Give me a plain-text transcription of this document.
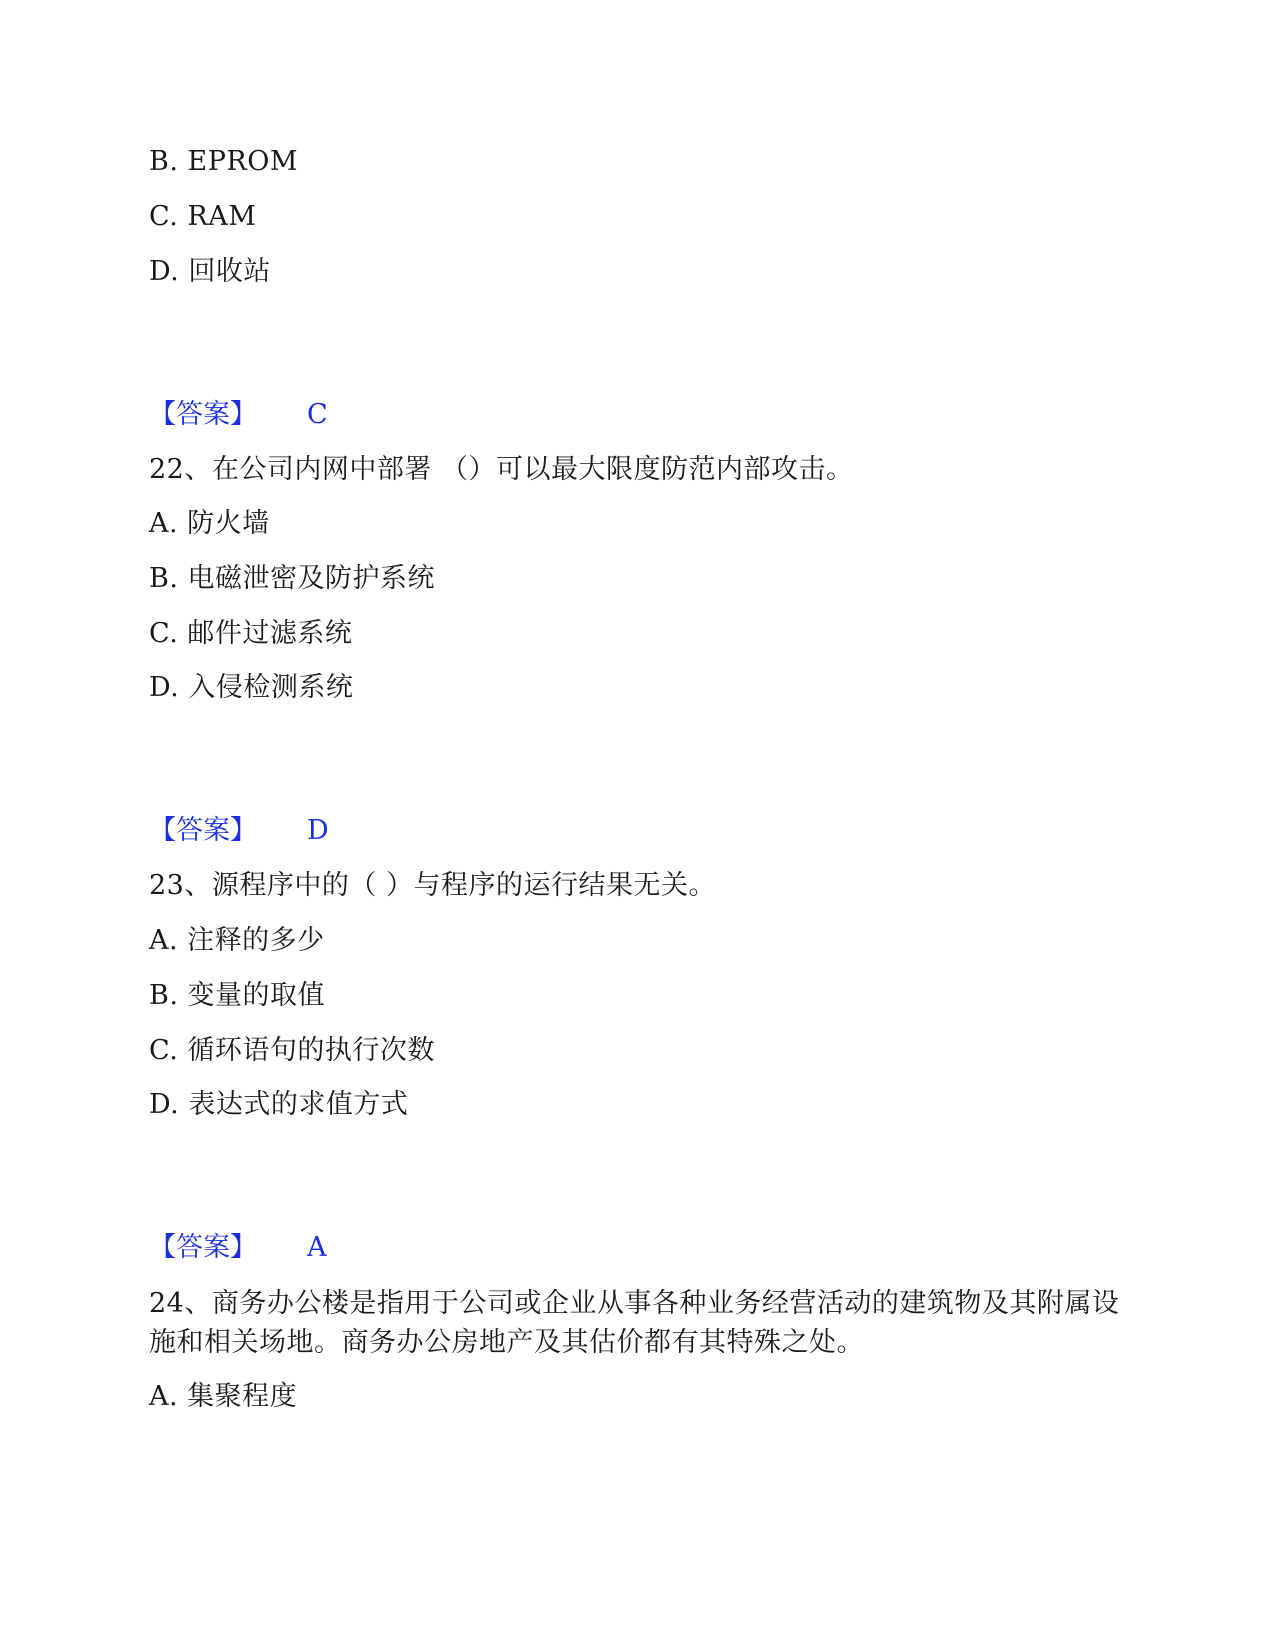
B. EPROM
C. RAM
D. 回收站
【答案】 C
22、在公司内网中部署 （）可以最大限度防范内部攻击。
A. 防火墙
B. 电磁泄密及防护系统
C. 邮件过滤系统
D. 入侵检测系统
【答案】 D
23、源程序中的（ ）与程序的运行结果无关。
A. 注释的多少
B. 变量的取值
C. 循环语句的执行次数
D. 表达式的求值方式
【答案】 A
24、商务办公楼是指用于公司或企业从事各种业务经营活动的建筑物及其附属设施和相关场地。商务办公房地产及其估价都有其特殊之处。
A. 集聚程度
